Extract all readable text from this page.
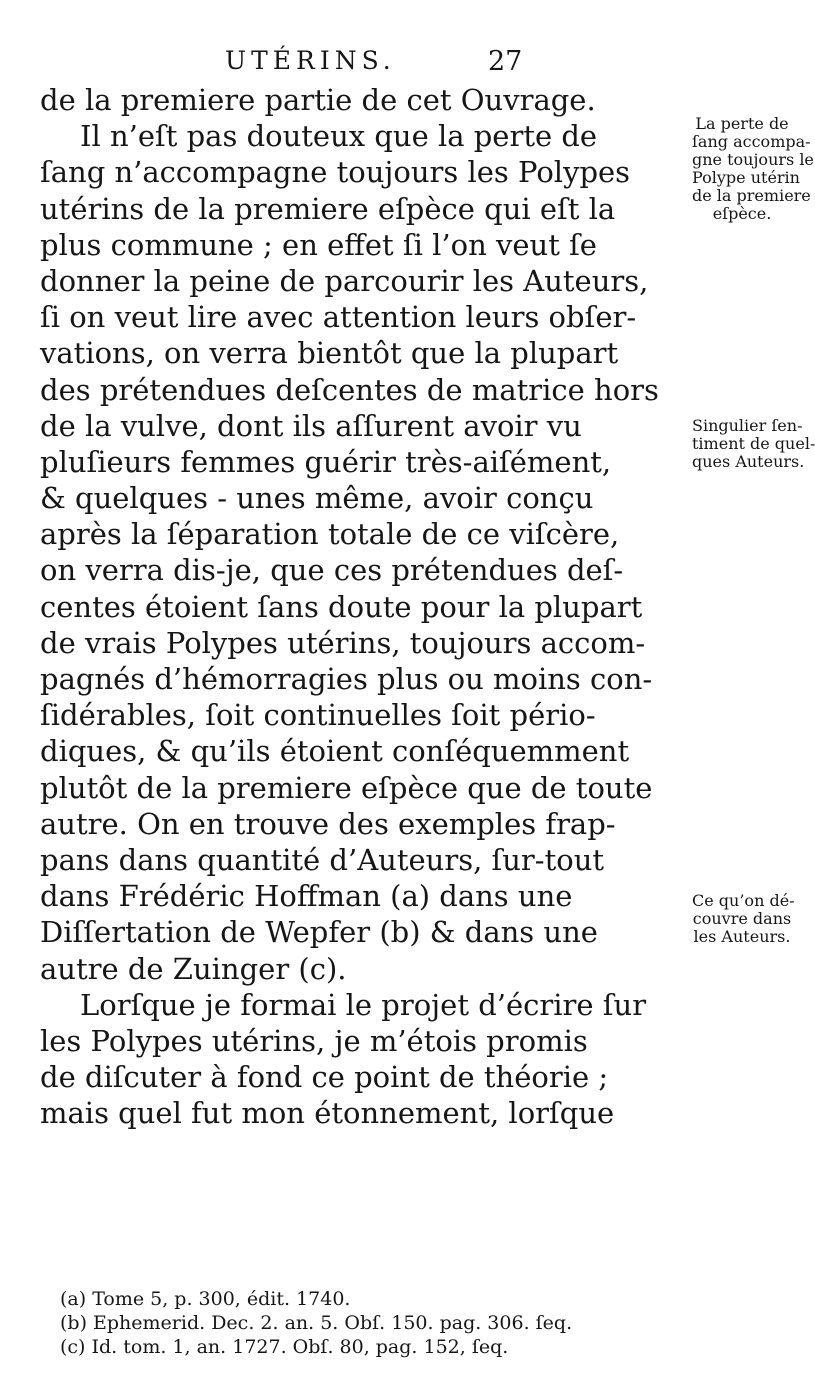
UTÉRINS.	27
de la premiere partie de cet Ouvrage.
Il n’eſt pas douteux que la perte de
ſang n’accompagne toujours les Polypes
utérins de la premiere eſpèce qui eſt la
plus commune ; en effet ſi l’on veut ſe
donner la peine de parcourir les Auteurs,
ſi on veut lire avec attention leurs obſer-
vations, on verra bientôt que la plupart
des prétendues deſcentes de matrice hors
de la vulve, dont ils aſſurent avoir vu
pluſieurs femmes guérir très-aiſément,
& quelques - unes même, avoir conçu
après la ſéparation totale de ce viſcère,
on verra dis-je, que ces prétendues deſ-
centes étoient ſans doute pour la plupart
de vrais Polypes utérins, toujours accom-
pagnés d’hémorragies plus ou moins con-
ſidérables, ſoit continuelles ſoit pério-
diques, & qu’ils étoient conſéquemment
plutôt de la premiere eſpèce que de toute
autre. On en trouve des exemples frap-
pans dans quantité d’Auteurs, ſur-tout
dans Frédéric Hoffman (a) dans une
Diſſertation de Wepfer (b) & dans une
autre de Zuinger (c).
Lorſque je formai le projet d’écrire ſur
les Polypes utérins, je m’étois promis
de diſcuter à fond ce point de théorie ;
mais quel fut mon étonnement, lorſque
La perte de
ſang accompa-
gne toujours le
Polype utérin
de la premiere
eſpèce.
Singulier ſen-
timent de quel-
ques Auteurs.
Ce qu’on dé-
couvre dans
les Auteurs.
(a) Tome 5, p. 300, édit. 1740.
(b) Ephemerid. Dec. 2. an. 5. Obſ. 150. pag. 306. ſeq.
(c) Id. tom. 1, an. 1727. Obſ. 80, pag. 152, ſeq.
